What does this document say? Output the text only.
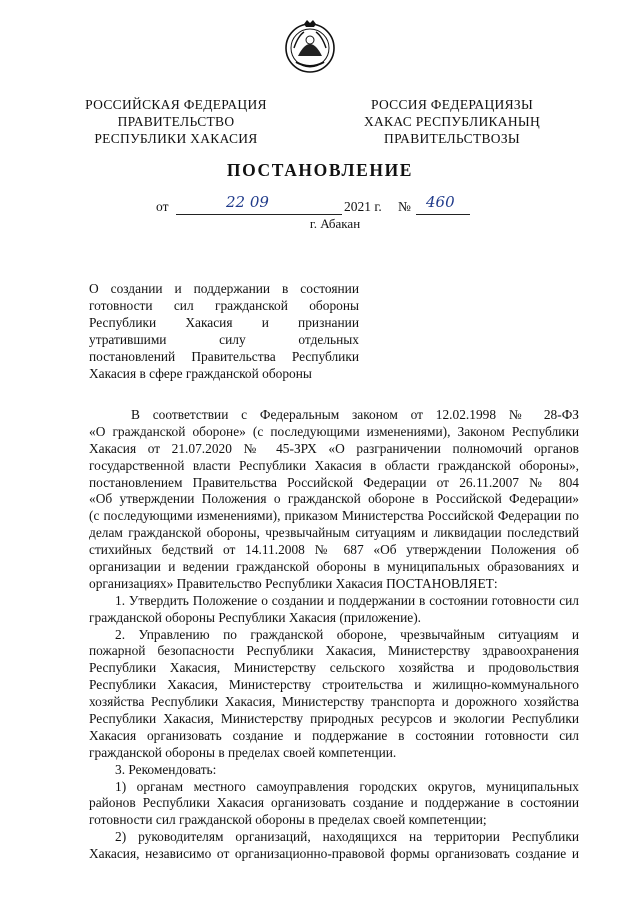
РОССИЙСКАЯ ФЕДЕРАЦИЯ
ПРАВИТЕЛЬСТВО
РЕСПУБЛИКИ ХАКАСИЯ
РОССИЯ ФЕДЕРАЦИЯЗЫ
ХАКАС РЕСПУБЛИКАНЫҢ
ПРАВИТЕЛЬСТВОЗЫ
ПОСТАНОВЛЕНИЕ
от	22 09	2021 г. № 460
г. Абакан
О создании и поддержании в состоянии
готовности сил гражданской обороны
Республики Хакасия и признании
утратившими силу отдельных
постановлений Правительства Республики
Хакасия в сфере гражданской обороны
В соответствии с Федеральным законом от 12.02.1998 № 28-ФЗ
«О гражданской обороне» (с последующими изменениями), Законом Республики
Хакасия от 21.07.2020 № 45-ЗРХ «О разграничении полномочий органов
государственной власти Республики Хакасия в области гражданской обороны»,
постановлением Правительства Российской Федерации от 26.11.2007 № 804
«Об утверждении Положения о гражданской обороне в Российской Федерации»
(с последующими изменениями), приказом Министерства Российской Федерации по
делам гражданской обороны, чрезвычайным ситуациям и ликвидации последствий
стихийных бедствий от 14.11.2008 № 687 «Об утверждении Положения об
организации и ведении гражданской обороны в муниципальных образованиях и
организациях» Правительство Республики Хакасия ПОСТАНОВЛЯЕТ:
1. Утвердить Положение о создании и поддержании в состоянии готовности сил
гражданской обороны Республики Хакасия (приложение).
2. Управлению по гражданской обороне, чрезвычайным ситуациям и
пожарной безопасности Республики Хакасия, Министерству здравоохранения
Республики Хакасия, Министерству сельского хозяйства и продовольствия
Республики Хакасия, Министерству строительства и жилищно-коммунального
хозяйства Республики Хакасия, Министерству транспорта и дорожного хозяйства
Республики Хакасия, Министерству природных ресурсов и экологии Республики
Хакасия организовать создание и поддержание в состоянии готовности сил
гражданской обороны в пределах своей компетенции.
3. Рекомендовать:
1) органам местного самоуправления городских округов, муниципальных
районов Республики Хакасия организовать создание и поддержание в состоянии
готовности сил гражданской обороны в пределах своей компетенции;
2) руководителям организаций, находящихся на территории Республики
Хакасия, независимо от организационно-правовой формы организовать создание и
